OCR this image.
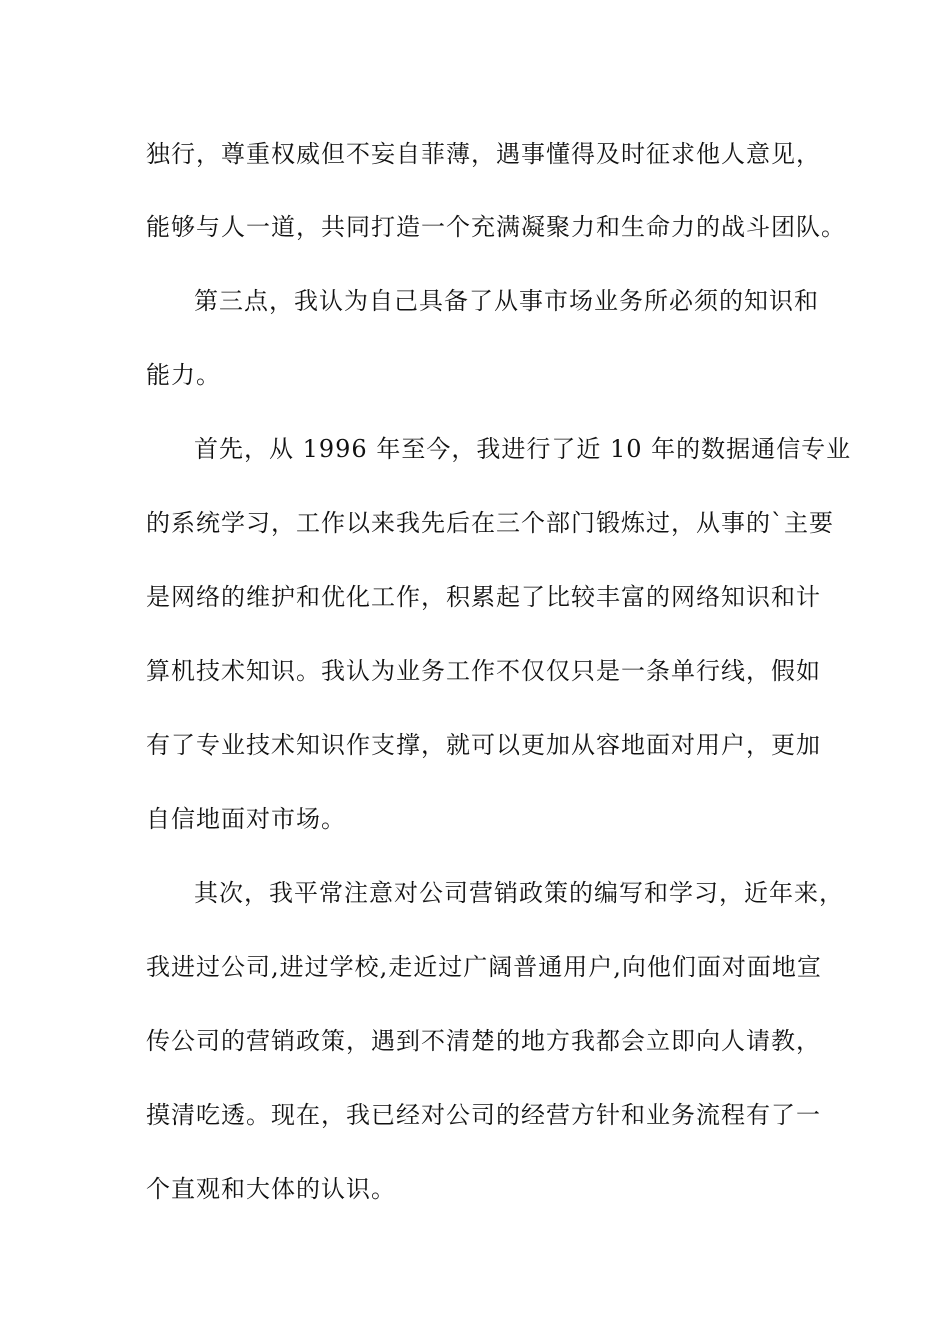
独行，尊重权威但不妄自菲薄，遇事懂得及时征求他人意见，
能够与人一道，共同打造一个充满凝聚力和生命力的战斗团队。
第三点，我认为自己具备了从事市场业务所必须的知识和
能力。
首先，从 1996 年至今，我进行了近 10 年的数据通信专业
的系统学习，工作以来我先后在三个部门锻炼过，从事的`主要
是网络的维护和优化工作，积累起了比较丰富的网络知识和计
算机技术知识。我认为业务工作不仅仅只是一条单行线，假如
有了专业技术知识作支撑，就可以更加从容地面对用户，更加
自信地面对市场。
其次，我平常注意对公司营销政策的编写和学习，近年来，
我进过公司,进过学校,走近过广阔普通用户,向他们面对面地宣
传公司的营销政策，遇到不清楚的地方我都会立即向人请教，
摸清吃透。现在，我已经对公司的经营方针和业务流程有了一
个直观和大体的认识。
